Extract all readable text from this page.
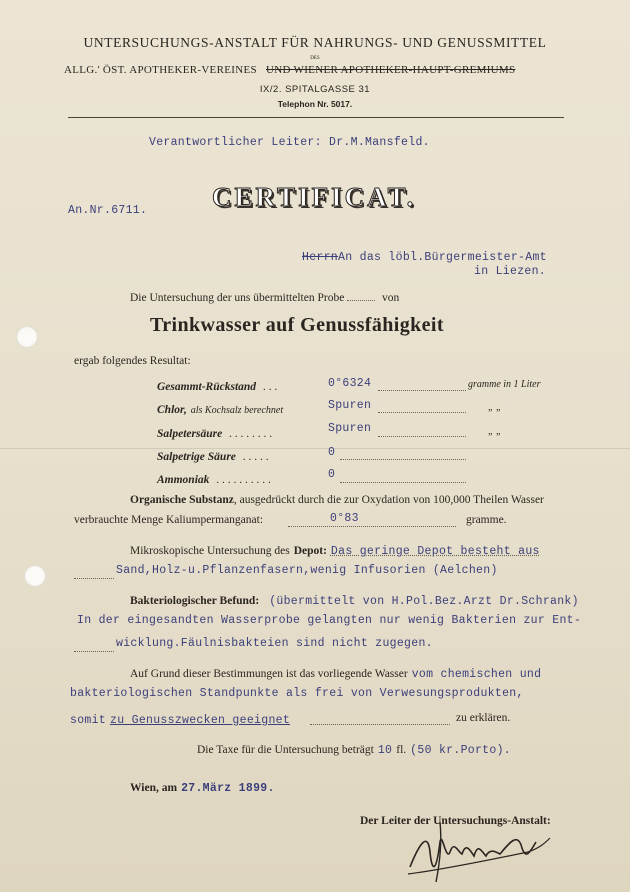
UNTERSUCHUNGS-ANSTALT FÜR NAHRUNGS- UND GENUSSMITTEL
DES
ALLG.' ÖST. APOTHEKER-VEREINES UND WIENER APOTHEKER-HAUPT-GREMIUMS
IX/2. SPITALGASSE 31
Telephon Nr. 5017.
Verantwortlicher Leiter: Dr.M.Mansfeld.
An.Nr.6711. CERTIFICAT.
HerrnAn das löbl.Bürgermeister-Amt
in Liezen.
Die Untersuchung der uns übermittelten Probe	von
Trinkwasser auf Genussfähigkeit
ergab folgendes Resultat:
Gesammt-Rückstand  . . .	0°6324	gramme in 1 Liter
Chlor, als Kochsalz berechnet	Spuren	„ „
Salpetersäure  . . . . . . . .	Spuren	„ „
Salpetrige Säure  . . . . .	0
Ammoniak  . . . . . . . . . .	0
Organische Substanz, ausgedrückt durch die zur Oxydation von 100,000 Theilen Wasser
verbrauchte Menge Kaliumpermanganat:	0°83	gramme.
Mikroskopische Untersuchung des Depot: Das geringe Depot besteht aus
Sand,Holz-u.Pflanzenfasern,wenig Infusorien (Aelchen)
Bakteriologischer Befund: (übermittelt von H.Pol.Bez.Arzt Dr.Schrank)
In der eingesandten Wasserprobe gelangten nur wenig Bakterien zur Ent-
wicklung.Fäulnisbakteien sind nicht zugegen.
Auf Grund dieser Bestimmungen ist das vorliegende Wasser vom chemischen und
bakteriologischen Standpunkte als frei von Verwesungsprodukten,
somit zu Genusszwecken geeignet	zu erklären.
Die Taxe für die Untersuchung beträgt 10 fl. (50 kr.Porto).
Wien, am 27.März 1899.
Der Leiter der Untersuchungs-Anstalt:
